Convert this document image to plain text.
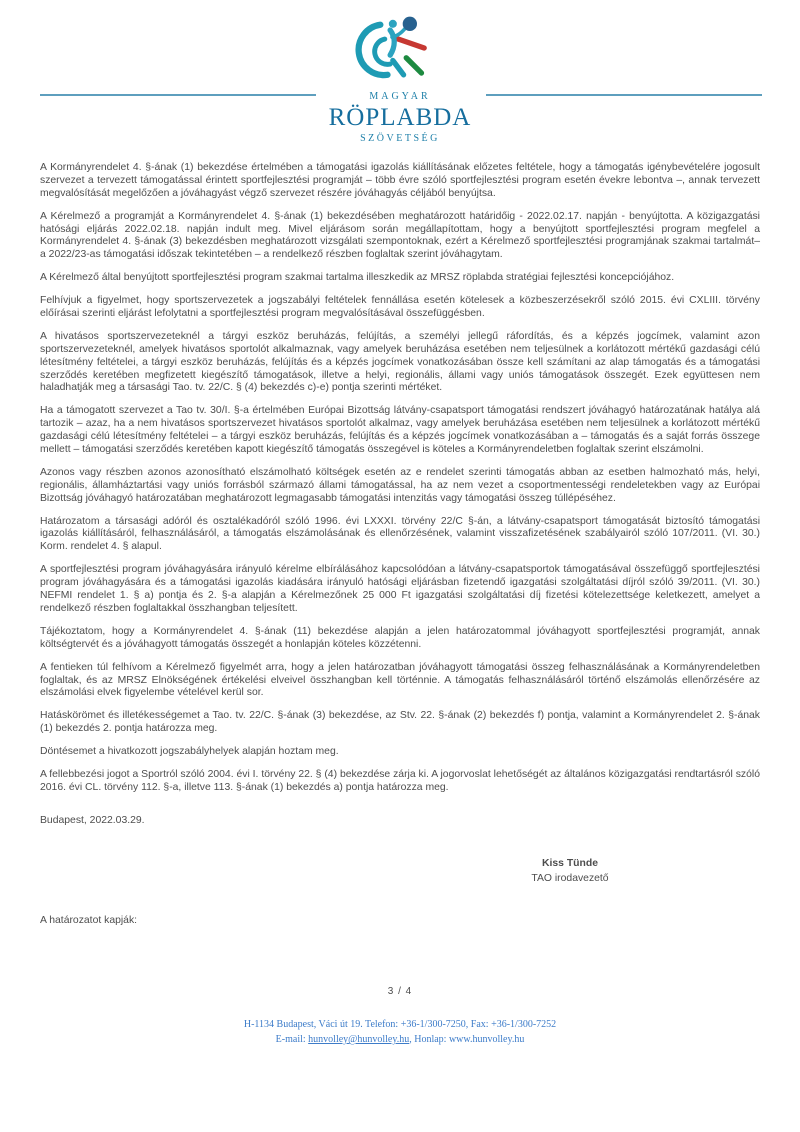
MAGYAR
RÖPLABDA
SZÖVETSÉG

A Kormányrendelet 4. §-ának (1) bekezdése értelmében a támogatási igazolás kiállításának előzetes feltétele, hogy a támogatás igénybevételére jogosult szervezet a tervezett támogatással érintett sportfejlesztési programját – több évre szóló sportfejlesztési program esetén évekre lebontva –, annak tervezett megvalósítását megelőzően a jóváhagyást végző szervezet részére jóváhagyás céljából benyújtsa.

A Kérelmező a programját a Kormányrendelet 4. §-ának (1) bekezdésében meghatározott határidőig - 2022.02.17. napján - benyújtotta. A közigazgatási hatósági eljárás 2022.02.18. napján indult meg. Mivel eljárásom során megállapítottam, hogy a benyújtott sportfejlesztési program megfelel a Kormányrendelet 4. §-ának (3) bekezdésben meghatározott vizsgálati szempontoknak, ezért a Kérelmező sportfejlesztési programjának szakmai tartalmát– a 2022/23-as támogatási időszak tekintetében – a rendelkező részben foglaltak szerint jóváhagytam.

A Kérelmező által benyújtott sportfejlesztési program szakmai tartalma illeszkedik az MRSZ röplabda stratégiai fejlesztési koncepciójához.

Felhívjuk a figyelmet, hogy sportszervezetek a jogszabályi feltételek fennállása esetén kötelesek a közbeszerzésekről szóló 2015. évi CXLIII. törvény előírásai szerinti eljárást lefolytatni a sportfejlesztési program megvalósításával összefüggésben.

A hivatásos sportszervezeteknél a tárgyi eszköz beruházás, felújítás, a személyi jellegű ráfordítás, és a képzés jogcímek, valamint azon sportszervezeteknél, amelyek hivatásos sportolót alkalmaznak, vagy amelyek beruházása esetében nem teljesülnek a korlátozott mértékű gazdasági célú létesítmény feltételei, a tárgyi eszköz beruházás, felújítás és a képzés jogcímek vonatkozásában össze kell számítani az alap támogatás és a támogatási szerződés keretében megfizetett kiegészítő támogatások, illetve a helyi, regionális, állami vagy uniós támogatások összegét. Ezek együttesen nem haladhatják meg a társasági Tao. tv. 22/C. § (4) bekezdés c)-e) pontja szerinti mértéket.

Ha a támogatott szervezet a Tao tv. 30/I. §-a értelmében Európai Bizottság látvány-csapatsport támogatási rendszert jóváhagyó határozatának hatálya alá tartozik – azaz, ha a nem hivatásos sportszervezet hivatásos sportolót alkalmaz, vagy amelyek beruházása esetében nem teljesülnek a korlátozott mértékű gazdasági célú létesítmény feltételei – a tárgyi eszköz beruházás, felújítás és a képzés jogcímek vonatkozásában a – támogatás és a saját forrás összege mellett – támogatási szerződés keretében kapott kiegészítő támogatás összegével is köteles a Kormányrendeletben foglaltak szerint elszámolni.

Azonos vagy részben azonos azonosítható elszámolható költségek esetén az e rendelet szerinti támogatás abban az esetben halmozható más, helyi, regionális, államháztartási vagy uniós forrásból származó állami támogatással, ha az nem vezet a csoportmentességi rendeletekben vagy az Európai Bizottság jóváhagyó határozatában meghatározott legmagasabb támogatási intenzitás vagy támogatási összeg túllépéséhez.

Határozatom a társasági adóról és osztalékadóról szóló 1996. évi LXXXI. törvény 22/C §-án, a látvány-csapatsport támogatását biztosító támogatási igazolás kiállításáról, felhasználásáról, a támogatás elszámolásának és ellenőrzésének, valamint visszafizetésének szabályairól szóló 107/2011. (VI. 30.) Korm. rendelet 4. § alapul.

A sportfejlesztési program jóváhagyására irányuló kérelme elbírálásához kapcsolódóan a látvány-csapatsportok támogatásával összefüggő sportfejlesztési program jóváhagyására és a támogatási igazolás kiadására irányuló hatósági eljárásban fizetendő igazgatási szolgáltatási díjról szóló 39/2011. (VI. 30.) NEFMI rendelet 1. § a) pontja és 2. §-a alapján a Kérelmezőnek 25 000 Ft igazgatási szolgáltatási díj fizetési kötelezettsége keletkezett, amelyet a rendelkező részben foglaltakkal összhangban teljesített.

Tájékoztatom, hogy a Kormányrendelet 4. §-ának (11) bekezdése alapján a jelen határozatommal jóváhagyott sportfejlesztési programját, annak költségtervét és a jóváhagyott támogatás összegét a honlapján köteles közzétenni.

A fentieken túl felhívom a Kérelmező figyelmét arra, hogy a jelen határozatban jóváhagyott támogatási összeg felhasználásának a Kormányrendeletben foglaltak, és az MRSZ Elnökségének értékelési elveivel összhangban kell történnie. A támogatás felhasználásáról történő elszámolás ellenőrzésére az elszámolási elvek figyelembe vételével kerül sor.

Hatáskörömet és illetékességemet a Tao. tv. 22/C. §-ának (3) bekezdése, az Stv. 22. §-ának (2) bekezdés f) pontja, valamint a Kormányrendelet 2. §-ának (1) bekezdés 2. pontja határozza meg.

Döntésemet a hivatkozott jogszabályhelyek alapján hoztam meg.

A fellebbezési jogot a Sportról szóló 2004. évi I. törvény 22. § (4) bekezdése zárja ki. A jogorvoslat lehetőségét az általános közigazgatási rendtartásról szóló 2016. évi CL. törvény 112. §-a, illetve 113. §-ának (1) bekezdés a) pontja határozza meg.

Budapest, 2022.03.29.
Kiss Tünde
TAO irodavezető
A határozatot kapják:
3 / 4
H-1134 Budapest, Váci út 19. Telefon: +36-1/300-7250, Fax: +36-1/300-7252
E-mail: hunvolley@hunvolley.hu, Honlap: www.hunvolley.hu
